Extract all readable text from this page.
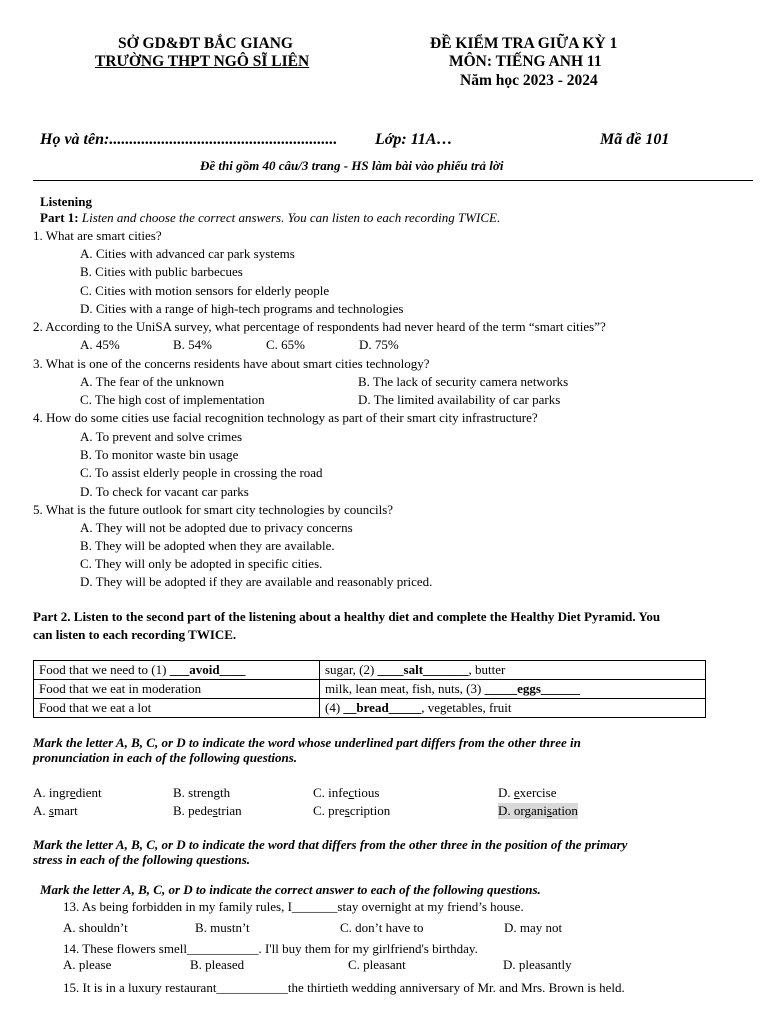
SỞ GD&ĐT BẮC GIANG
TRƯỜNG THPT NGÔ SĨ LIÊN
ĐỀ KIỂM TRA GIỮA KỲ 1
MÔN: TIẾNG ANH 11
Năm học 2023 - 2024
Họ và tên:......................................................... Lớp: 11A…	Mã đề 101
Đề thi gồm 40 câu/3 trang - HS làm bài vào phiếu trả lời
Listening
Part 1: Listen and choose the correct answers. You can listen to each recording TWICE.
1. What are smart cities?
A. Cities with advanced car park systems
B. Cities with public barbecues
C. Cities with motion sensors for elderly people
D. Cities with a range of high-tech programs and technologies
2. According to the UniSA survey, what percentage of respondents had never heard of the term “smart cities”?
A. 45%	B. 54%	C. 65%	D. 75%
3. What is one of the concerns residents have about smart cities technology?
A. The fear of the unknown	B. The lack of security camera networks
C. The high cost of implementation	D. The limited availability of car parks
4. How do some cities use facial recognition technology as part of their smart city infrastructure?
A. To prevent and solve crimes
B. To monitor waste bin usage
C. To assist elderly people in crossing the road
D. To check for vacant car parks
5. What is the future outlook for smart city technologies by councils?
A. They will not be adopted due to privacy concerns
B. They will be adopted when they are available.
C. They will only be adopted in specific cities.
D. They will be adopted if they are available and reasonably priced.
Part 2. Listen to the second part of the listening about a healthy diet and complete the Healthy Diet Pyramid. You
can listen to each recording TWICE.
Food that we need to (1) ___avoid____	sugar, (2) ____salt_______, butter
Food that we eat in moderation	milk, lean meat, fish, nuts, (3) _____eggs______
Food that we eat a lot	(4) __bread_____, vegetables, fruit
Mark the letter A, B, C, or D to indicate the word whose underlined part differs from the other three in
pronunciation in each of the following questions.
A. ingredient	B. strength	C. infectious	D. exercise
A. smart	B. pedestrian	C. prescription	D. organisation
Mark the letter A, B, C, or D to indicate the word that differs from the other three in the position of the primary
stress in each of the following questions.
Mark the letter A, B, C, or D to indicate the correct answer to each of the following questions.
13. As being forbidden in my family rules, I_______stay overnight at my friend’s house.
A. shouldn’t	B. mustn’t	C. don’t have to	D. may not
14. These flowers smell___________. I'll buy them for my girlfriend's birthday.
A. please	B. pleased	C. pleasant	D. pleasantly
15. It is in a luxury restaurant___________the thirtieth wedding anniversary of Mr. and Mrs. Brown is held.
